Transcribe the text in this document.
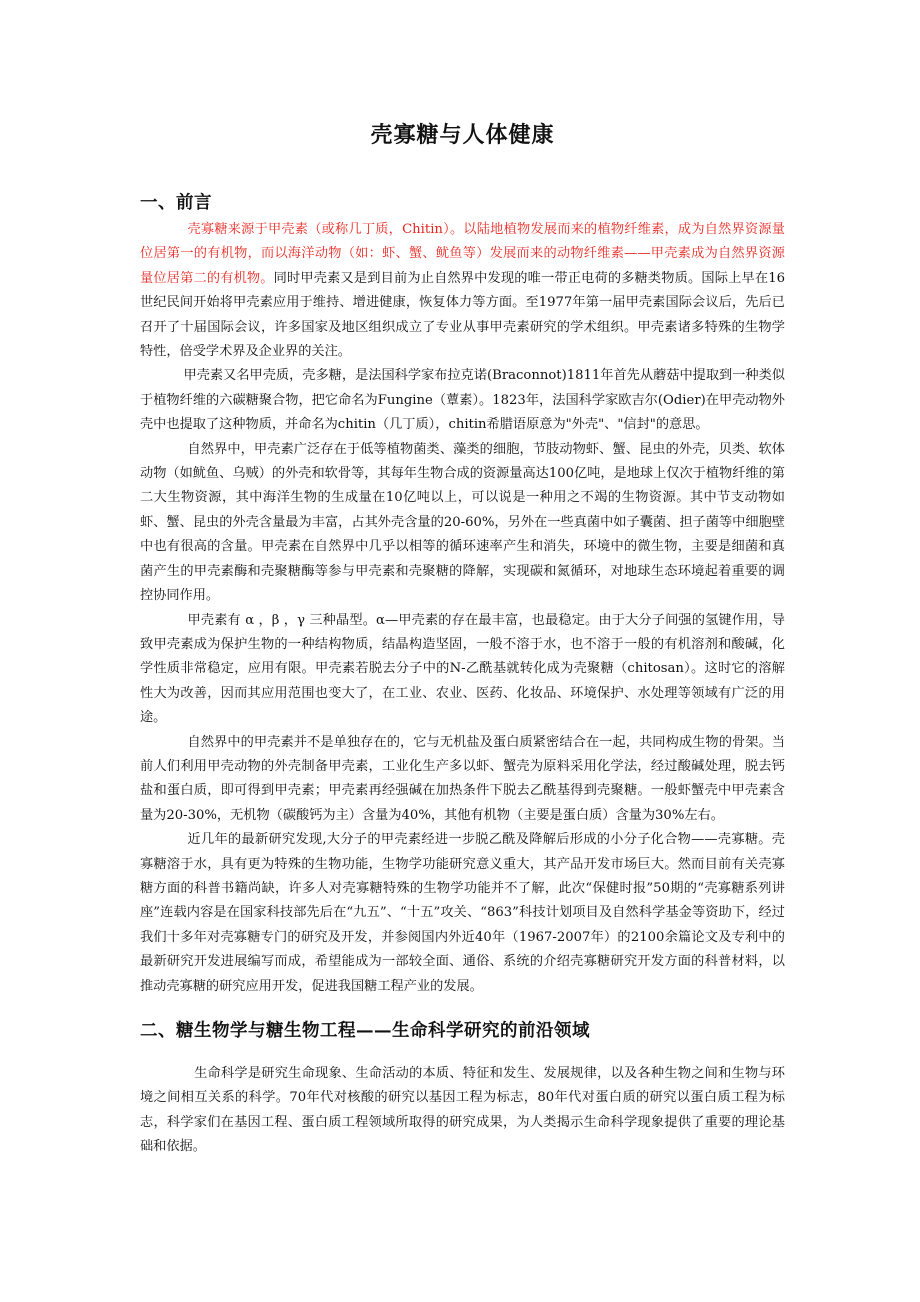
壳寡糖与人体健康
一、前言

壳寡糖来源于甲壳素（或称几丁质，Chitin）。以陆地植物发展而来的植物纤维素，成为自然界资源量位居第一的有机物，而以海洋动物（如：虾、蟹、鱿鱼等）发展而来的动物纤维素——甲壳素成为自然界资源量位居第二的有机物。同时甲壳素又是到目前为止自然界中发现的唯一带正电荷的多糖类物质。国际上早在16世纪民间开始将甲壳素应用于维持、增进健康，恢复体力等方面。至1977年第一届甲壳素国际会议后，先后已召开了十届国际会议，许多国家及地区组织成立了专业从事甲壳素研究的学术组织。甲壳素诸多特殊的生物学特性，倍受学术界及企业界的关注。

甲壳素又名甲壳质，壳多糖，是法国科学家布拉克诺(Braconnot)1811年首先从蘑菇中提取到一种类似于植物纤维的六碳糖聚合物，把它命名为Fungine（蕈素）。1823年，法国科学家欧吉尔(Odier)在甲壳动物外壳中也提取了这种物质，并命名为chitin（几丁质），chitin希腊语原意为"外壳"、"信封"的意思。

自然界中，甲壳素广泛存在于低等植物菌类、藻类的细胞，节肢动物虾、蟹、昆虫的外壳，贝类、软体动物（如鱿鱼、乌贼）的外壳和软骨等，其每年生物合成的资源量高达100亿吨，是地球上仅次于植物纤维的第二大生物资源，其中海洋生物的生成量在10亿吨以上，可以说是一种用之不竭的生物资源。其中节支动物如虾、蟹、昆虫的外壳含量最为丰富，占其外壳含量的20-60%，另外在一些真菌中如子囊菌、担子菌等中细胞壁中也有很高的含量。甲壳素在自然界中几乎以相等的循环速率产生和消失，环境中的微生物，主要是细菌和真菌产生的甲壳素酶和壳聚糖酶等参与甲壳素和壳聚糖的降解，实现碳和氮循环，对地球生态环境起着重要的调控协同作用。

甲壳素有 α ，β ，γ 三种晶型。α—甲壳素的存在最丰富，也最稳定。由于大分子间强的氢键作用，导致甲壳素成为保护生物的一种结构物质，结晶构造坚固，一般不溶于水，也不溶于一般的有机溶剂和酸碱，化学性质非常稳定，应用有限。甲壳素若脱去分子中的N-乙酰基就转化成为壳聚糖（chitosan）。这时它的溶解性大为改善，因而其应用范围也变大了，在工业、农业、医药、化妆品、环境保护、水处理等领域有广泛的用途。

自然界中的甲壳素并不是单独存在的，它与无机盐及蛋白质紧密结合在一起，共同构成生物的骨架。当前人们利用甲壳动物的外壳制备甲壳素，工业化生产多以虾、蟹壳为原料采用化学法，经过酸碱处理，脱去钙盐和蛋白质，即可得到甲壳素；甲壳素再经强碱在加热条件下脱去乙酰基得到壳聚糖。一般虾蟹壳中甲壳素含量为20-30%，无机物（碳酸钙为主）含量为40%，其他有机物（主要是蛋白质）含量为30%左右。

近几年的最新研究发现,大分子的甲壳素经进一步脱乙酰及降解后形成的小分子化合物——壳寡糖。壳寡糖溶于水，具有更为特殊的生物功能，生物学功能研究意义重大，其产品开发市场巨大。然而目前有关壳寡糖方面的科普书籍尚缺，许多人对壳寡糖特殊的生物学功能并不了解，此次“保健时报”50期的“壳寡糖系列讲座”连载内容是在国家科技部先后在“九五”、“十五”攻关、“863”科技计划项目及自然科学基金等资助下，经过我们十多年对壳寡糖专门的研究及开发，并参阅国内外近40年（1967-2007年）的2100余篇论文及专利中的最新研究开发进展编写而成，希望能成为一部较全面、通俗、系统的介绍壳寡糖研究开发方面的科普材料，以推动壳寡糖的研究应用开发，促进我国糖工程产业的发展。

二、糖生物学与糖生物工程——生命科学研究的前沿领域

生命科学是研究生命现象、生命活动的本质、特征和发生、发展规律，以及各种生物之间和生物与环境之间相互关系的科学。70年代对核酸的研究以基因工程为标志，80年代对蛋白质的研究以蛋白质工程为标志，科学家们在基因工程、蛋白质工程领域所取得的研究成果，为人类揭示生命科学现象提供了重要的理论基础和依据。
